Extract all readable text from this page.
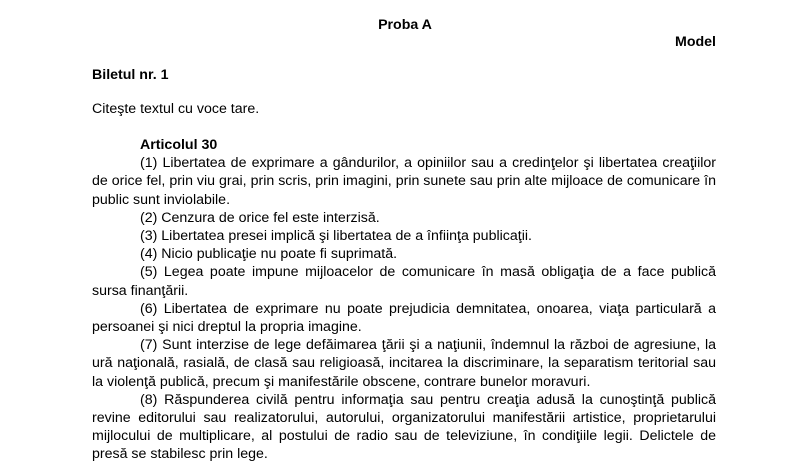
Proba A
Model
Biletul nr. 1
Citeşte textul cu voce tare.
Articolul 30

(1) Libertatea de exprimare a gândurilor, a opiniilor sau a credinţelor şi libertatea creaţiilor de orice fel, prin viu grai, prin scris, prin imagini, prin sunete sau prin alte mijloace de comunicare în public sunt inviolabile.

(2) Cenzura de orice fel este interzisă.

(3) Libertatea presei implică şi libertatea de a înfiinţa publicaţii.

(4) Nicio publicaţie nu poate fi suprimată.

(5) Legea poate impune mijloacelor de comunicare în masă obligaţia de a face publică sursa finanţării.

(6) Libertatea de exprimare nu poate prejudicia demnitatea, onoarea, viaţa particulară a persoanei şi nici dreptul la propria imagine.

(7) Sunt interzise de lege defăimarea ţării şi a naţiunii, îndemnul la război de agresiune, la ură naţională, rasială, de clasă sau religioasă, incitarea la discriminare, la separatism teritorial sau la violenţă publică, precum şi manifestările obscene, contrare bunelor moravuri.

(8) Răspunderea civilă pentru informaţia sau pentru creaţia adusă la cunoştinţă publică revine editorului sau realizatorului, autorului, organizatorului manifestării artistice, proprietarului mijlocului de multiplicare, al postului de radio sau de televiziune, în condiţiile legii. Delictele de presă se stabilesc prin lege.
